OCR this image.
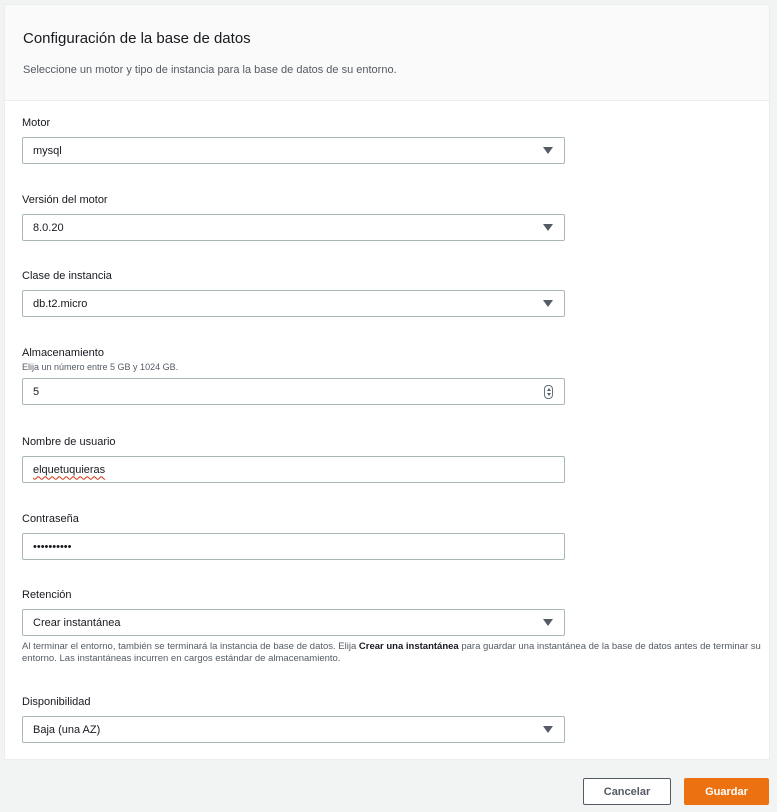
Configuración de la base de datos
Seleccione un motor y tipo de instancia para la base de datos de su entorno.
Motor
mysql
Versión del motor
8.0.20
Clase de instancia
db.t2.micro
Almacenamiento
Elija un número entre 5 GB y 1024 GB.
5
Nombre de usuario
elquetuquieras
Contraseña
••••••••••
Retención
Crear instantánea
Al terminar el entorno, también se terminará la instancia de base de datos. Elija Crear una instantánea para guardar una instantánea de la base de datos antes de terminar su entorno. Las instantáneas incurren en cargos estándar de almacenamiento.
Disponibilidad
Baja (una AZ)
Cancelar	Guardar
